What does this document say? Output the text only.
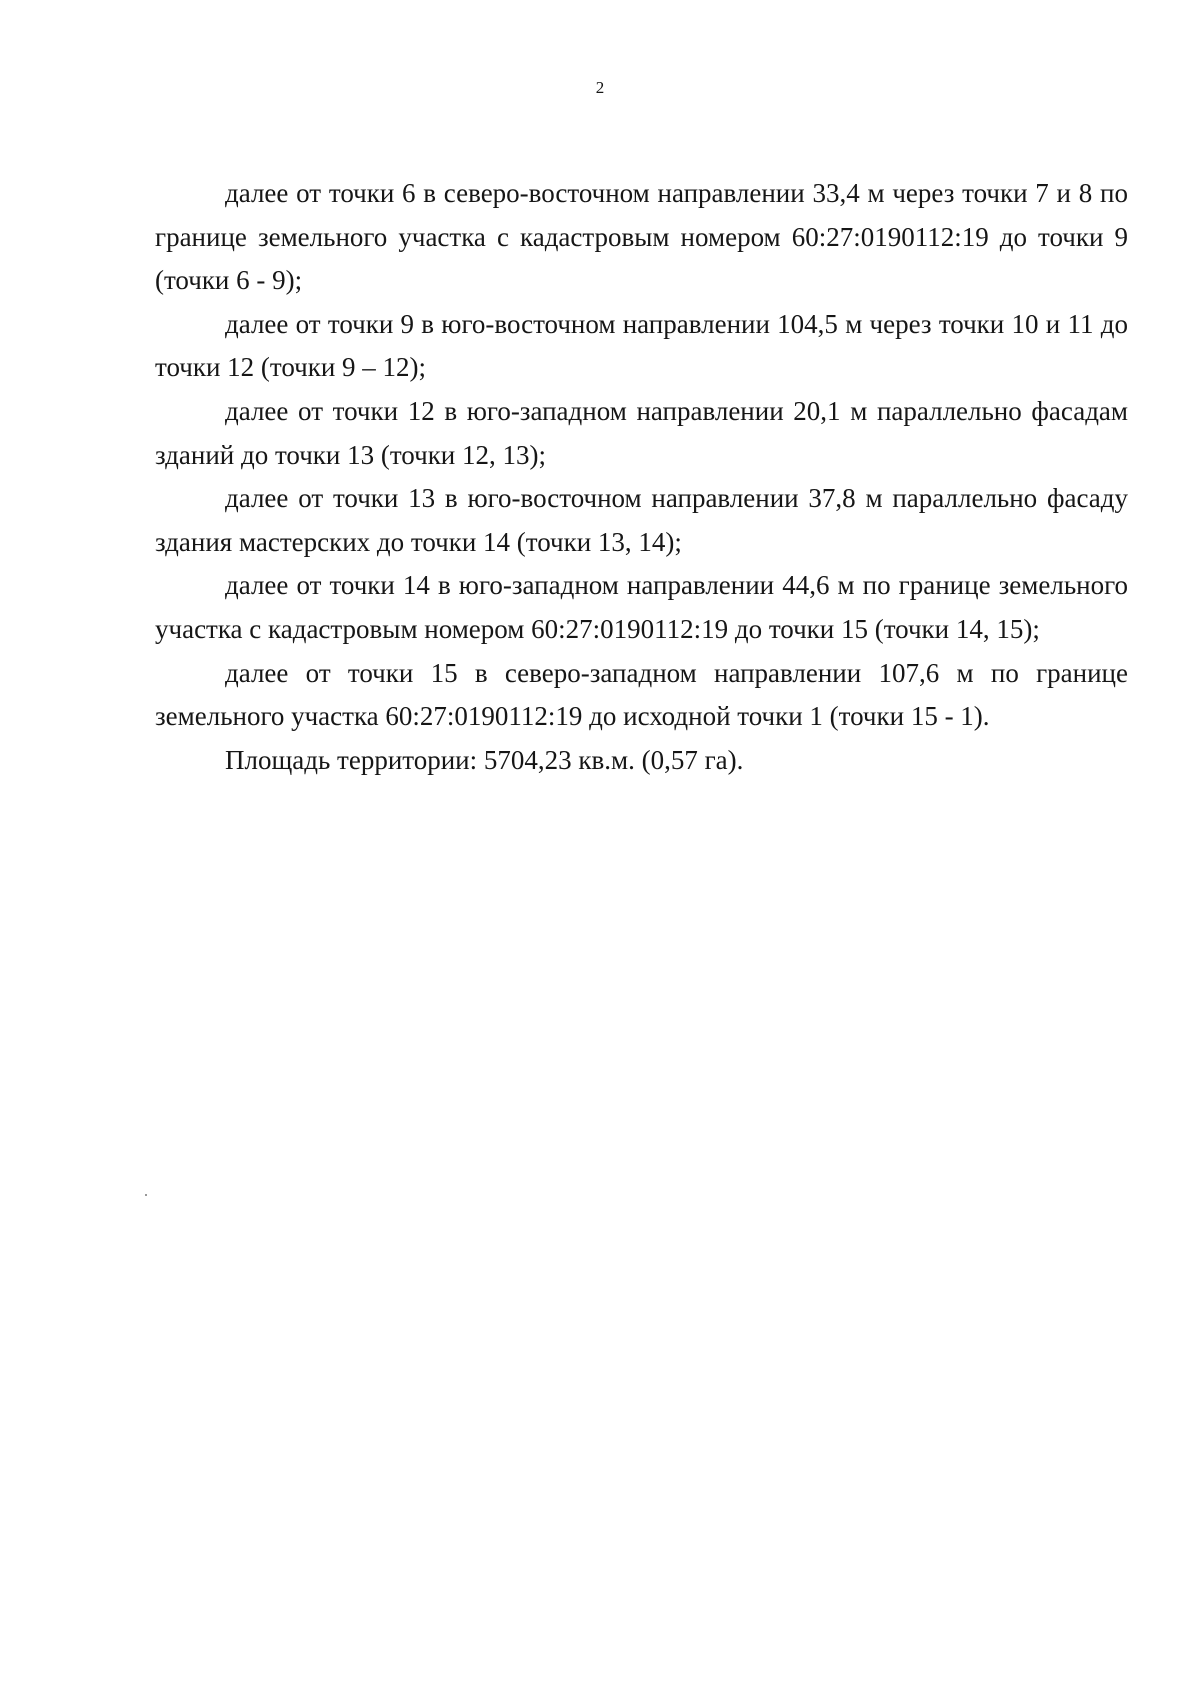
2

далее от точки 6 в северо-восточном направлении 33,4 м через точки 7 и 8 по границе земельного участка с кадастровым номером 60:27:0190112:19 до точки 9 (точки 6 - 9);

далее от точки 9 в юго-восточном направлении 104,5 м через точки 10 и 11 до точки 12 (точки 9 – 12);

далее от точки 12 в юго-западном направлении 20,1 м параллельно фасадам зданий до точки 13 (точки 12, 13);

далее от точки 13 в юго-восточном направлении 37,8 м параллельно фасаду здания мастерских до точки 14 (точки 13, 14);

далее от точки 14 в юго-западном направлении 44,6 м по границе земельного участка с кадастровым номером 60:27:0190112:19 до точки 15 (точки 14, 15);

далее от точки 15 в северо-западном направлении 107,6 м по границе земельного участка 60:27:0190112:19 до исходной точки 1 (точки 15 - 1).

Площадь территории: 5704,23 кв.м. (0,57 га).
